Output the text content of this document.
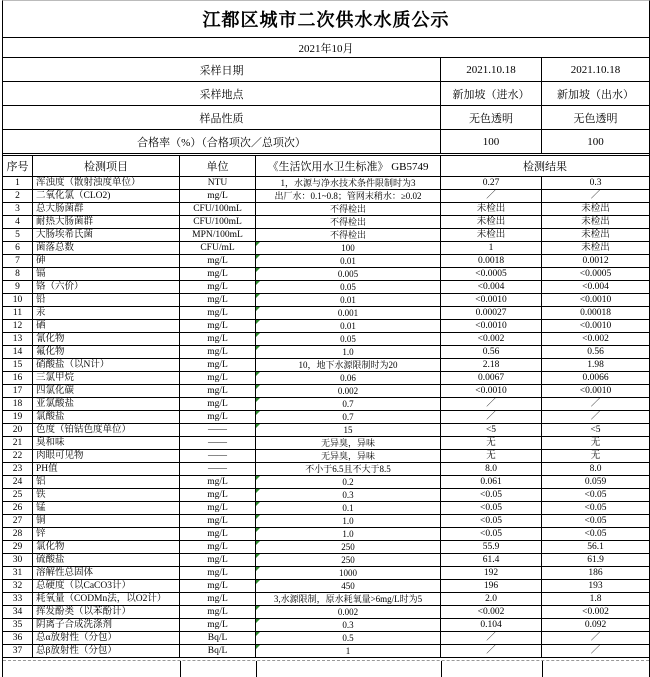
江都区城市二次供水水质公示
2021年10月
采样日期	2021.10.18	2021.10.18
采样地点	新加坡（进水）	新加坡（出水）
样品性质	无色透明	无色透明
合格率（%）（合格项次／总项次）	100	100
序号	检测项目	单位	《生活饮用水卫生标准》 GB5749	检测结果
1	浑浊度（散射浊度单位）	NTU	1，水源与净水技术条件限制时为3	0.27	0.3
2	二氧化氯（CLO2)	mg/L	出厂水：0.1~0.8；管网末稍水：≥0.02	／	／
3	总大肠菌群	CFU/100mL	不得检出	未检出	未检出
4	耐热大肠菌群	CFU/100mL	不得检出	未检出	未检出
5	大肠埃希氏菌	MPN/100mL	不得检出	未检出	未检出
6	菌落总数	CFU/mL	100	1	未检出
7	砷	mg/L	0.01	0.0018	0.0012
8	镉	mg/L	0.005	<0.0005	<0.0005
9	铬（六价）	mg/L	0.05	<0.004	<0.004
10	铅	mg/L	0.01	<0.0010	<0.0010
11	汞	mg/L	0.001	0.00027	0.00018
12	硒	mg/L	0.01	<0.0010	<0.0010
13	氰化物	mg/L	0.05	<0.002	<0.002
14	氟化物	mg/L	1.0	0.56	0.56
15	硝酸盐（以N计）	mg/L	10，地下水源限制时为20	2.18	1.98
16	三氯甲烷	mg/L	0.06	0.0067	0.0066
17	四氯化碳	mg/L	0.002	<0.0010	<0.0010
18	亚氯酸盐	mg/L	0.7	／	／
19	氯酸盐	mg/L	0.7	／	／
20	色度（铂钴色度单位）	——	15	<5	<5
21	臭和味	——	无异臭，异味	无	无
22	肉眼可见物	——	无异臭，异味	无	无
23	PH值	——	不小于6.5且不大于8.5	8.0	8.0
24	铝	mg/L	0.2	0.061	0.059
25	铁	mg/L	0.3	<0.05	<0.05
26	锰	mg/L	0.1	<0.05	<0.05
27	铜	mg/L	1.0	<0.05	<0.05
28	锌	mg/L	1.0	<0.05	<0.05
29	氯化物	mg/L	250	55.9	56.1
30	硫酸盐	mg/L	250	61.4	61.9
31	溶解性总固体	mg/L	1000	192	186
32	总硬度（以CaCO3计）	mg/L	450	196	193
33	耗氧量（CODMn法，以O2计）	mg/L	3,水源限制，原水耗氧量>6mg/L时为5	2.0	1.8
34	挥发酚类（以苯酚计）	mg/L	0.002	<0.002	<0.002
35	阴离子合成洗涤剂	mg/L	0.3	0.104	0.092
36	总α放射性（分包）	Bq/L	0.5	／	／
37	总β放射性（分包）	Bq/L	1	／	／
